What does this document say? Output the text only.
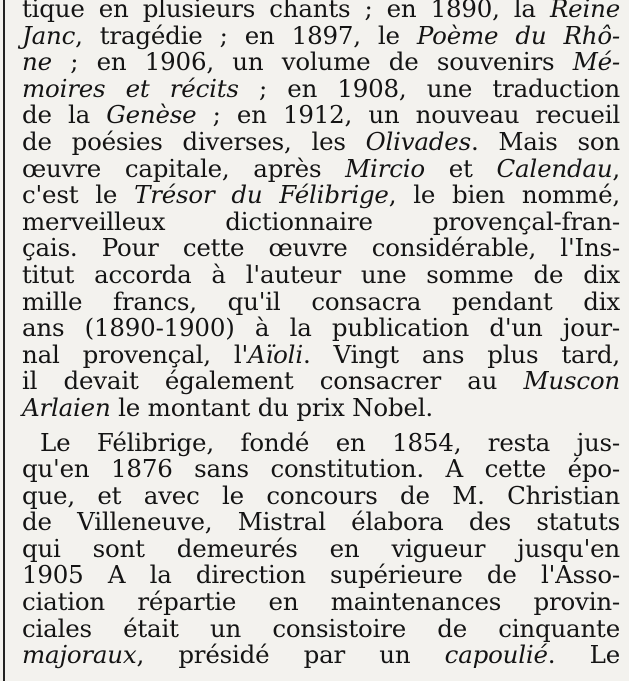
tique en plusieurs chants ; en 1890, la Reine
Janc, tragédie ; en 1897, le Poème du Rhô-
ne ; en 1906, un volume de souvenirs Mé-
moires et récits ; en 1908, une traduction
de la Genèse ; en 1912, un nouveau recueil
de poésies diverses, les Olivades. Mais son
œuvre capitale, après Mircio et Calendau,
c'est le Trésor du Félibrige, le bien nommé,
merveilleux dictionnaire provençal-fran-
çais. Pour cette œuvre considérable, l'Ins-
titut accorda à l'auteur une somme de dix
mille francs, qu'il consacra pendant dix
ans (1890-1900) à la publication d'un jour-
nal provençal, l'Aïoli. Vingt ans plus tard,
il devait également consacrer au Muscon
Arlaien le montant du prix Nobel.
Le Félibrige, fondé en 1854, resta jus-
qu'en 1876 sans constitution. A cette épo-
que, et avec le concours de M. Christian
de Villeneuve, Mistral élabora des statuts
qui sont demeurés en vigueur jusqu'en
1905 A la direction supérieure de l'Asso-
ciation répartie en maintenances provin-
ciales était un consistoire de cinquante
majoraux, présidé par un capoulié. Le
